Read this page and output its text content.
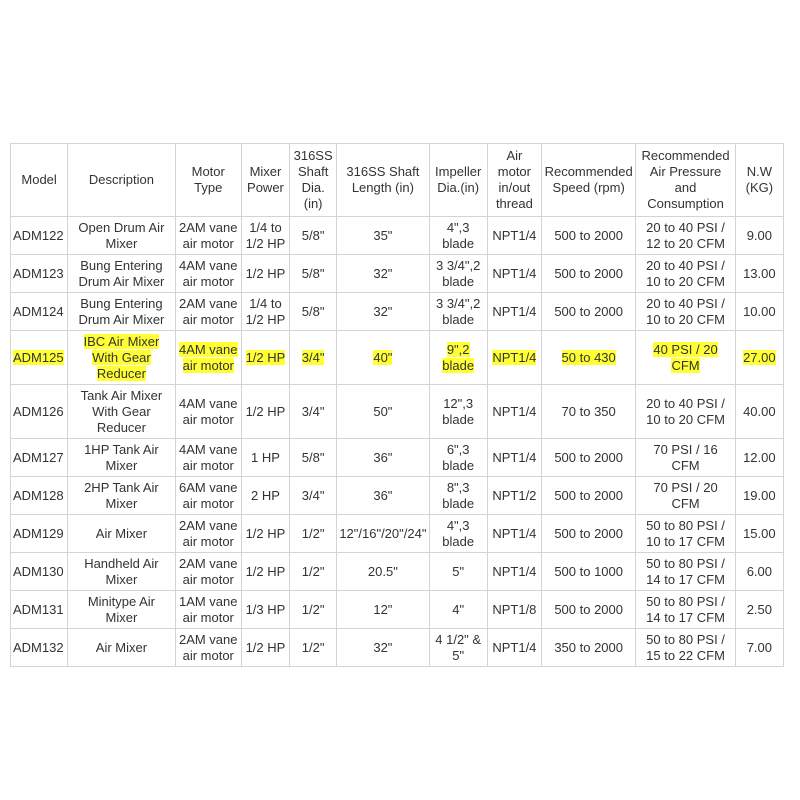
Model	Description	Motor Type	Mixer Power	316SS Shaft Dia. (in)	316SS Shaft Length (in)	Impeller Dia.(in)	Air motor in/out thread	Recommended Speed (rpm)	Recommended Air Pressure and Consumption	N.W (KG)
ADM122	Open Drum Air Mixer	2AM vane air motor	1/4 to 1/2 HP	5/8"	35"	4",3 blade	NPT1/4	500 to 2000	20 to 40 PSI / 12 to 20 CFM	9.00
ADM123	Bung Entering Drum Air Mixer	4AM vane air motor	1/2 HP	5/8"	32"	3 3/4",2 blade	NPT1/4	500 to 2000	20 to 40 PSI / 10 to 20 CFM	13.00
ADM124	Bung Entering Drum Air Mixer	2AM vane air motor	1/4 to 1/2 HP	5/8"	32"	3 3/4",2 blade	NPT1/4	500 to 2000	20 to 40 PSI / 10 to 20 CFM	10.00
ADM125	IBC Air Mixer With Gear Reducer	4AM vane air motor	1/2 HP	3/4"	40"	9",2 blade	NPT1/4	50 to 430	40 PSI / 20 CFM	27.00
ADM126	Tank Air Mixer With Gear Reducer	4AM vane air motor	1/2 HP	3/4"	50"	12",3 blade	NPT1/4	70 to 350	20 to 40 PSI / 10 to 20 CFM	40.00
ADM127	1HP Tank Air Mixer	4AM vane air motor	1 HP	5/8"	36"	6",3 blade	NPT1/4	500 to 2000	70 PSI / 16 CFM	12.00
ADM128	2HP Tank Air Mixer	6AM vane air motor	2 HP	3/4"	36"	8",3 blade	NPT1/2	500 to 2000	70 PSI / 20 CFM	19.00
ADM129	Air Mixer	2AM vane air motor	1/2 HP	1/2"	12"/16"/20"/24"	4",3 blade	NPT1/4	500 to 2000	50 to 80 PSI / 10 to 17 CFM	15.00
ADM130	Handheld Air Mixer	2AM vane air motor	1/2 HP	1/2"	20.5"	5"	NPT1/4	500 to 1000	50 to 80 PSI / 14 to 17 CFM	6.00
ADM131	Minitype Air Mixer	1AM vane air motor	1/3 HP	1/2"	12"	4"	NPT1/8	500 to 2000	50 to 80 PSI / 14 to 17 CFM	2.50
ADM132	Air Mixer	2AM vane air motor	1/2 HP	1/2"	32"	4 1/2" & 5"	NPT1/4	350 to 2000	50 to 80 PSI / 15 to 22 CFM	7.00
